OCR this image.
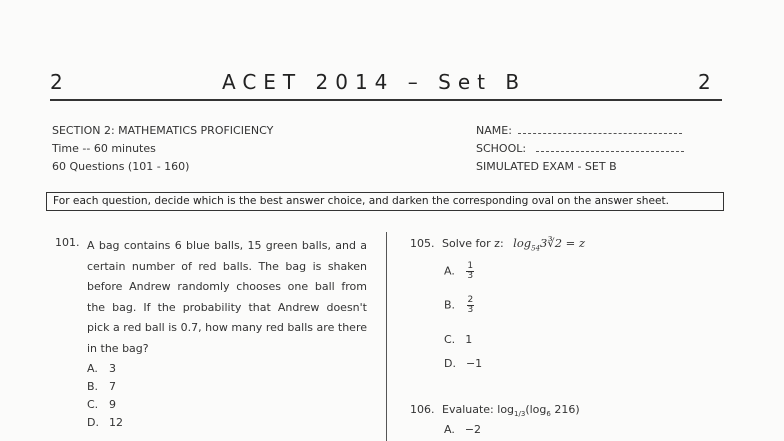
2	ACET 2014 – Set B	2
SECTION 2: MATHEMATICS PROFICIENCY
Time -- 60 minutes
60 Questions (101 - 160)
NAME:
SCHOOL:
SIMULATED EXAM - SET B
For each question, decide which is the best answer choice, and darken the corresponding oval on the answer sheet.
101. A bag contains 6 blue balls, 15 green balls, and a certain number of red balls. The bag is shaken before Andrew randomly chooses one ball from the bag. If the probability that Andrew doesn't pick a red ball is 0.7, how many red balls are there in the bag?
A. 3
B. 7
C. 9
D. 12
105. Solve for z: $\log_{54}3∛2 = z$
A. $\frac{1}{3}$
B. $\frac{2}{3}$
C. 1
D. −1
106. Evaluate: $\log_{1/3}(\log_6$ 216)
A. −2
